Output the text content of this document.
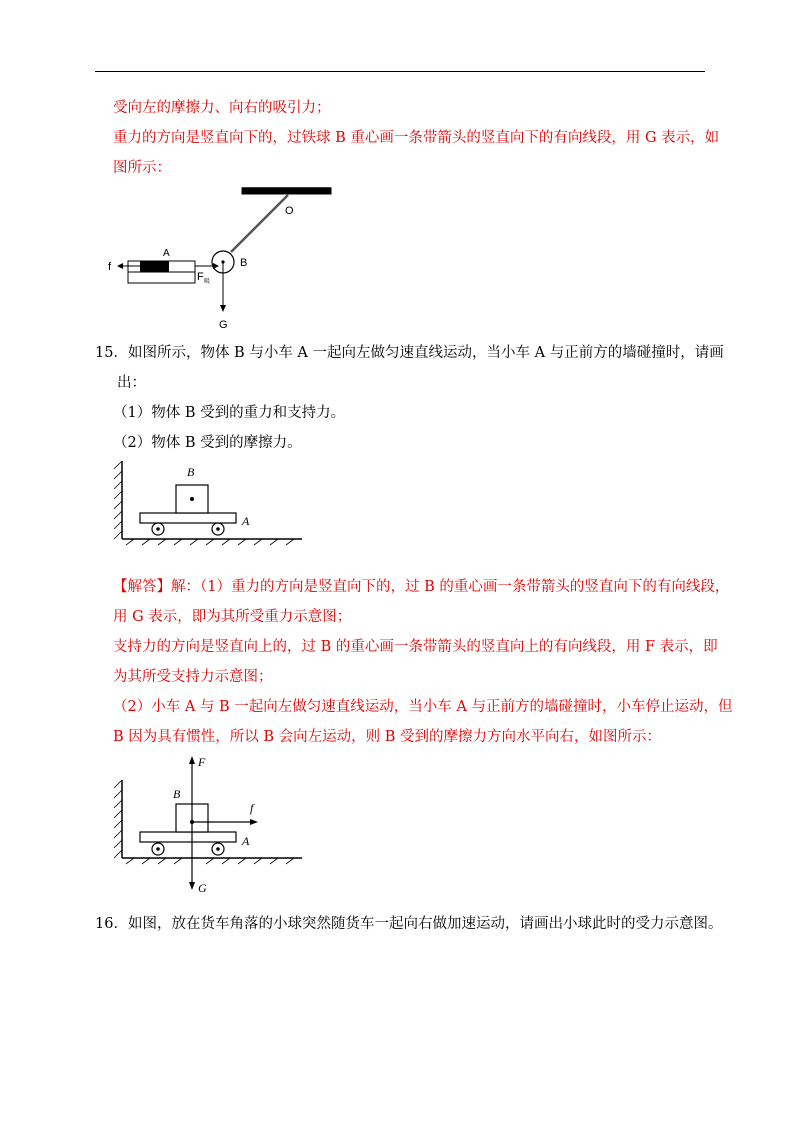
受向左的摩擦力、向右的吸引力；
重力的方向是竖直向下的，过铁球 B 重心画一条带箭头的竖直向下的有向线段，用 G 表示，如
图所示：
O
B
A
f
F 吸
G
15．如图所示，物体 B 与小车 A 一起向左做匀速直线运动，当小车 A 与正前方的墙碰撞时，请画
出：
（1）物体 B 受到的重力和支持力。
（2）物体 B 受到的摩擦力。
A
B
【解答】解：（1）重力的方向是竖直向下的，过 B 的重心画一条带箭头的竖直向下的有向线段，
用 G 表示，即为其所受重力示意图；
支持力的方向是竖直向上的，过 B 的重心画一条带箭头的竖直向上的有向线段，用 F 表示，即
为其所受支持力示意图；
（2）小车 A 与 B 一起向左做匀速直线运动，当小车 A 与正前方的墙碰撞时，小车停止运动，但
B 因为具有惯性，所以 B 会向左运动，则 B 受到的摩擦力方向水平向右，如图所示：
A
B
F
f
G
16．如图，放在货车角落的小球突然随货车一起向右做加速运动，请画出小球此时的受力示意图。
